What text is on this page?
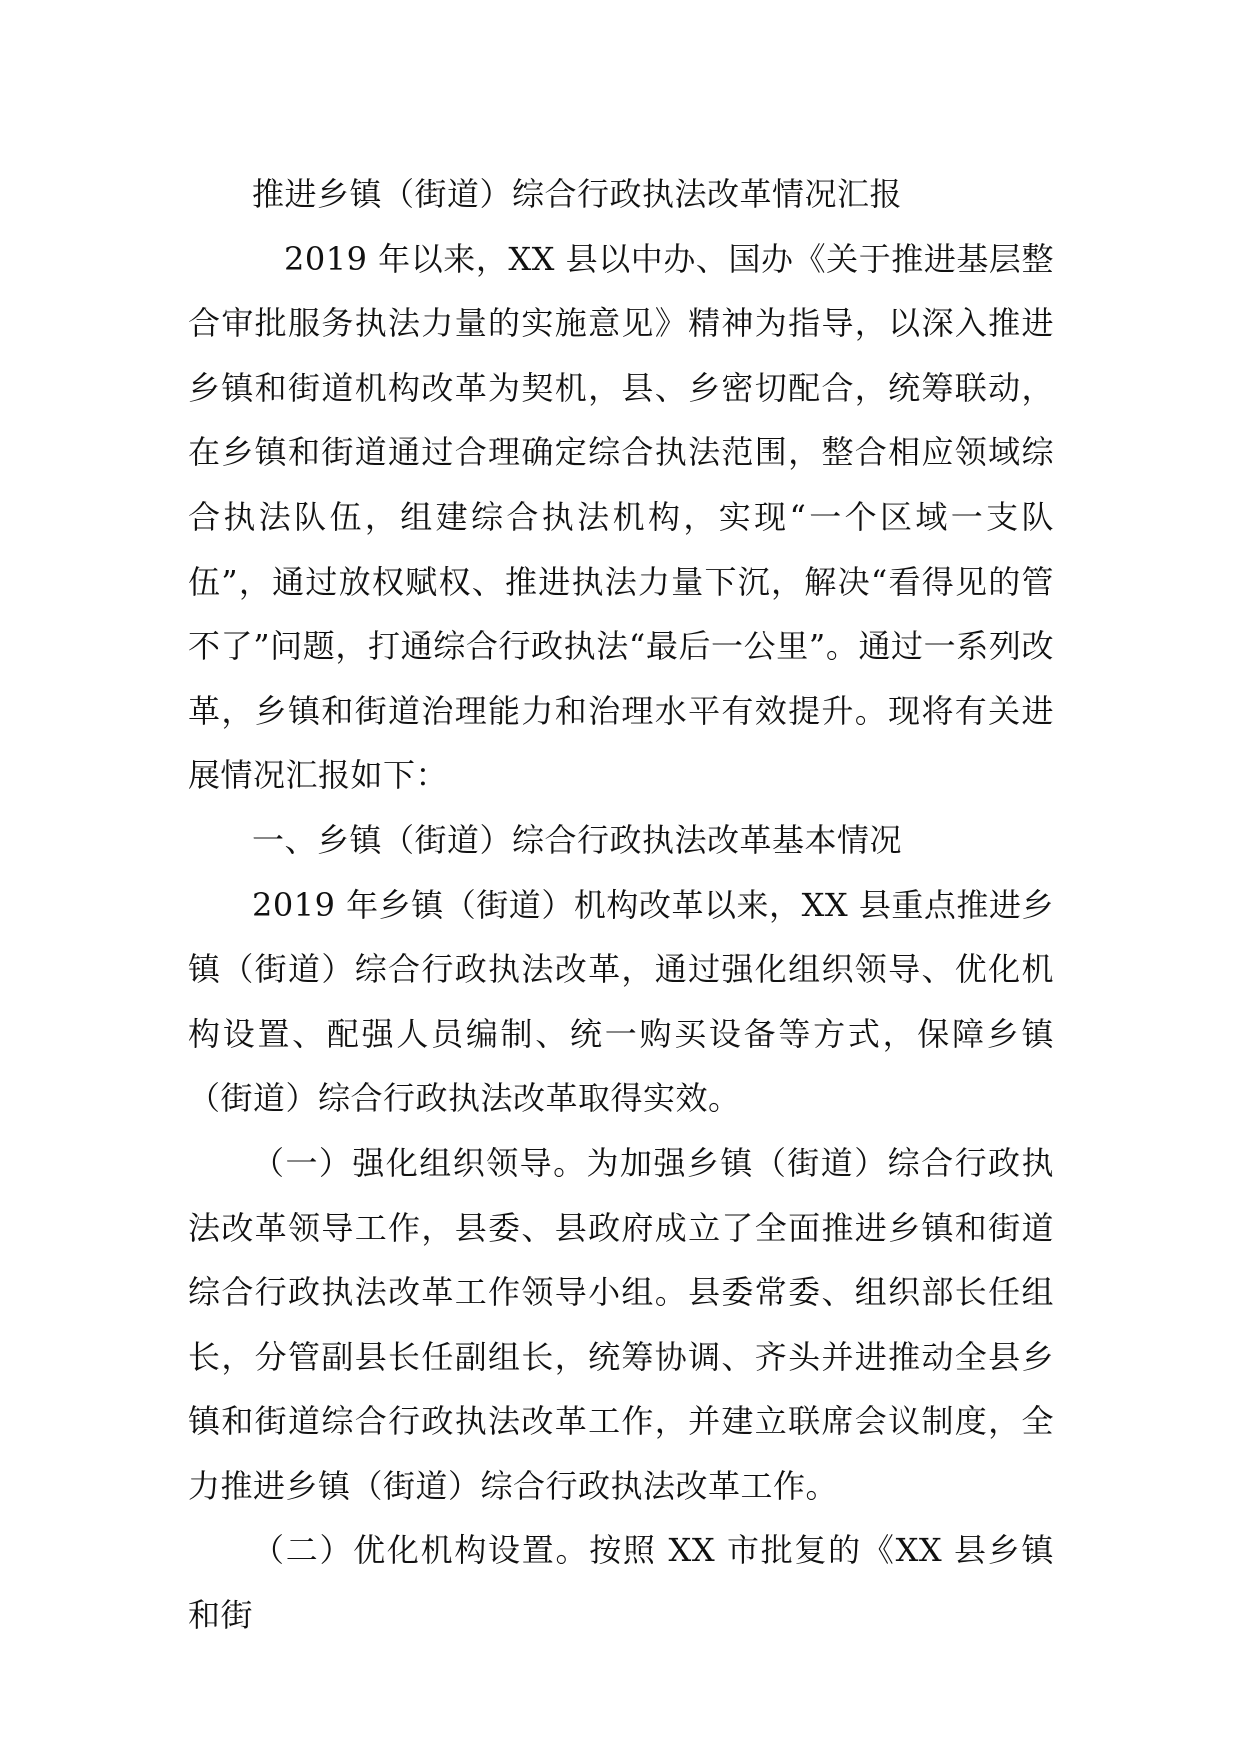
推进乡镇（街道）综合行政执法改革情况汇报

2019 年以来，XX 县以中办、国办《关于推进基层整合审批服务执法力量的实施意见》精神为指导，以深入推进乡镇和街道机构改革为契机，县、乡密切配合，统筹联动，在乡镇和街道通过合理确定综合执法范围，整合相应领域综合执法队伍，组建综合执法机构，实现“一个区域一支队伍”，通过放权赋权、推进执法力量下沉，解决“看得见的管不了”问题，打通综合行政执法“最后一公里”。通过一系列改革，乡镇和街道治理能力和治理水平有效提升。现将有关进展情况汇报如下：

一、乡镇（街道）综合行政执法改革基本情况

2019 年乡镇（街道）机构改革以来，XX 县重点推进乡镇（街道）综合行政执法改革，通过强化组织领导、优化机构设置、配强人员编制、统一购买设备等方式，保障乡镇（街道）综合行政执法改革取得实效。

（一）强化组织领导。为加强乡镇（街道）综合行政执法改革领导工作，县委、县政府成立了全面推进乡镇和街道综合行政执法改革工作领导小组。县委常委、组织部长任组长，分管副县长任副组长，统筹协调、齐头并进推动全县乡镇和街道综合行政执法改革工作，并建立联席会议制度，全力推进乡镇（街道）综合行政执法改革工作。

（二）优化机构设置。按照 XX 市批复的《XX 县乡镇和街
